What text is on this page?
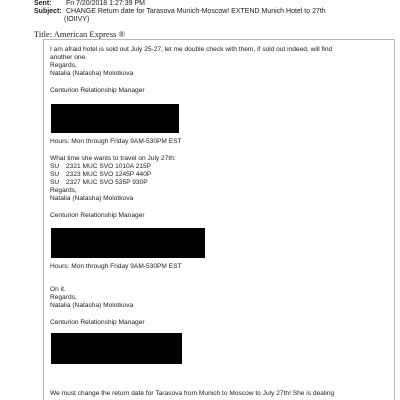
Sent: Fri 7/20/2018 1:27:39 PM
Subject: CHANGE Return date for Tarasova Munich-Moscow! EXTEND Munich Hotel to 27th
(IOIIVY)
Title: American Express ®
I am afraid hotel is sold out July 25-27, let me double check with them, if sold out indeed, will find
another one.
Regards,
Natalia (Natasha) Molotkova
Centurion Relationship Manager
Hours: Mon through Friday 9AM-530PM EST
What time she wants to travel on July 27th:
SU 2321 MUC SVO 1010A 215P
SU 2323 MUC SVO 1245P 440P
SU 2327 MUC SVO 535P 930P
Regards,
Natalia (Natasha) Molotkova
Centurion Relationship Manager
Hours: Mon through Friday 9AM-530PM EST
On it.
Regards,
Natalia (Natasha) Molotkova
Centurion Relationship Manager
We must change the return date for Tarasova from Munich to Moscow to July 27th! She is dealing
